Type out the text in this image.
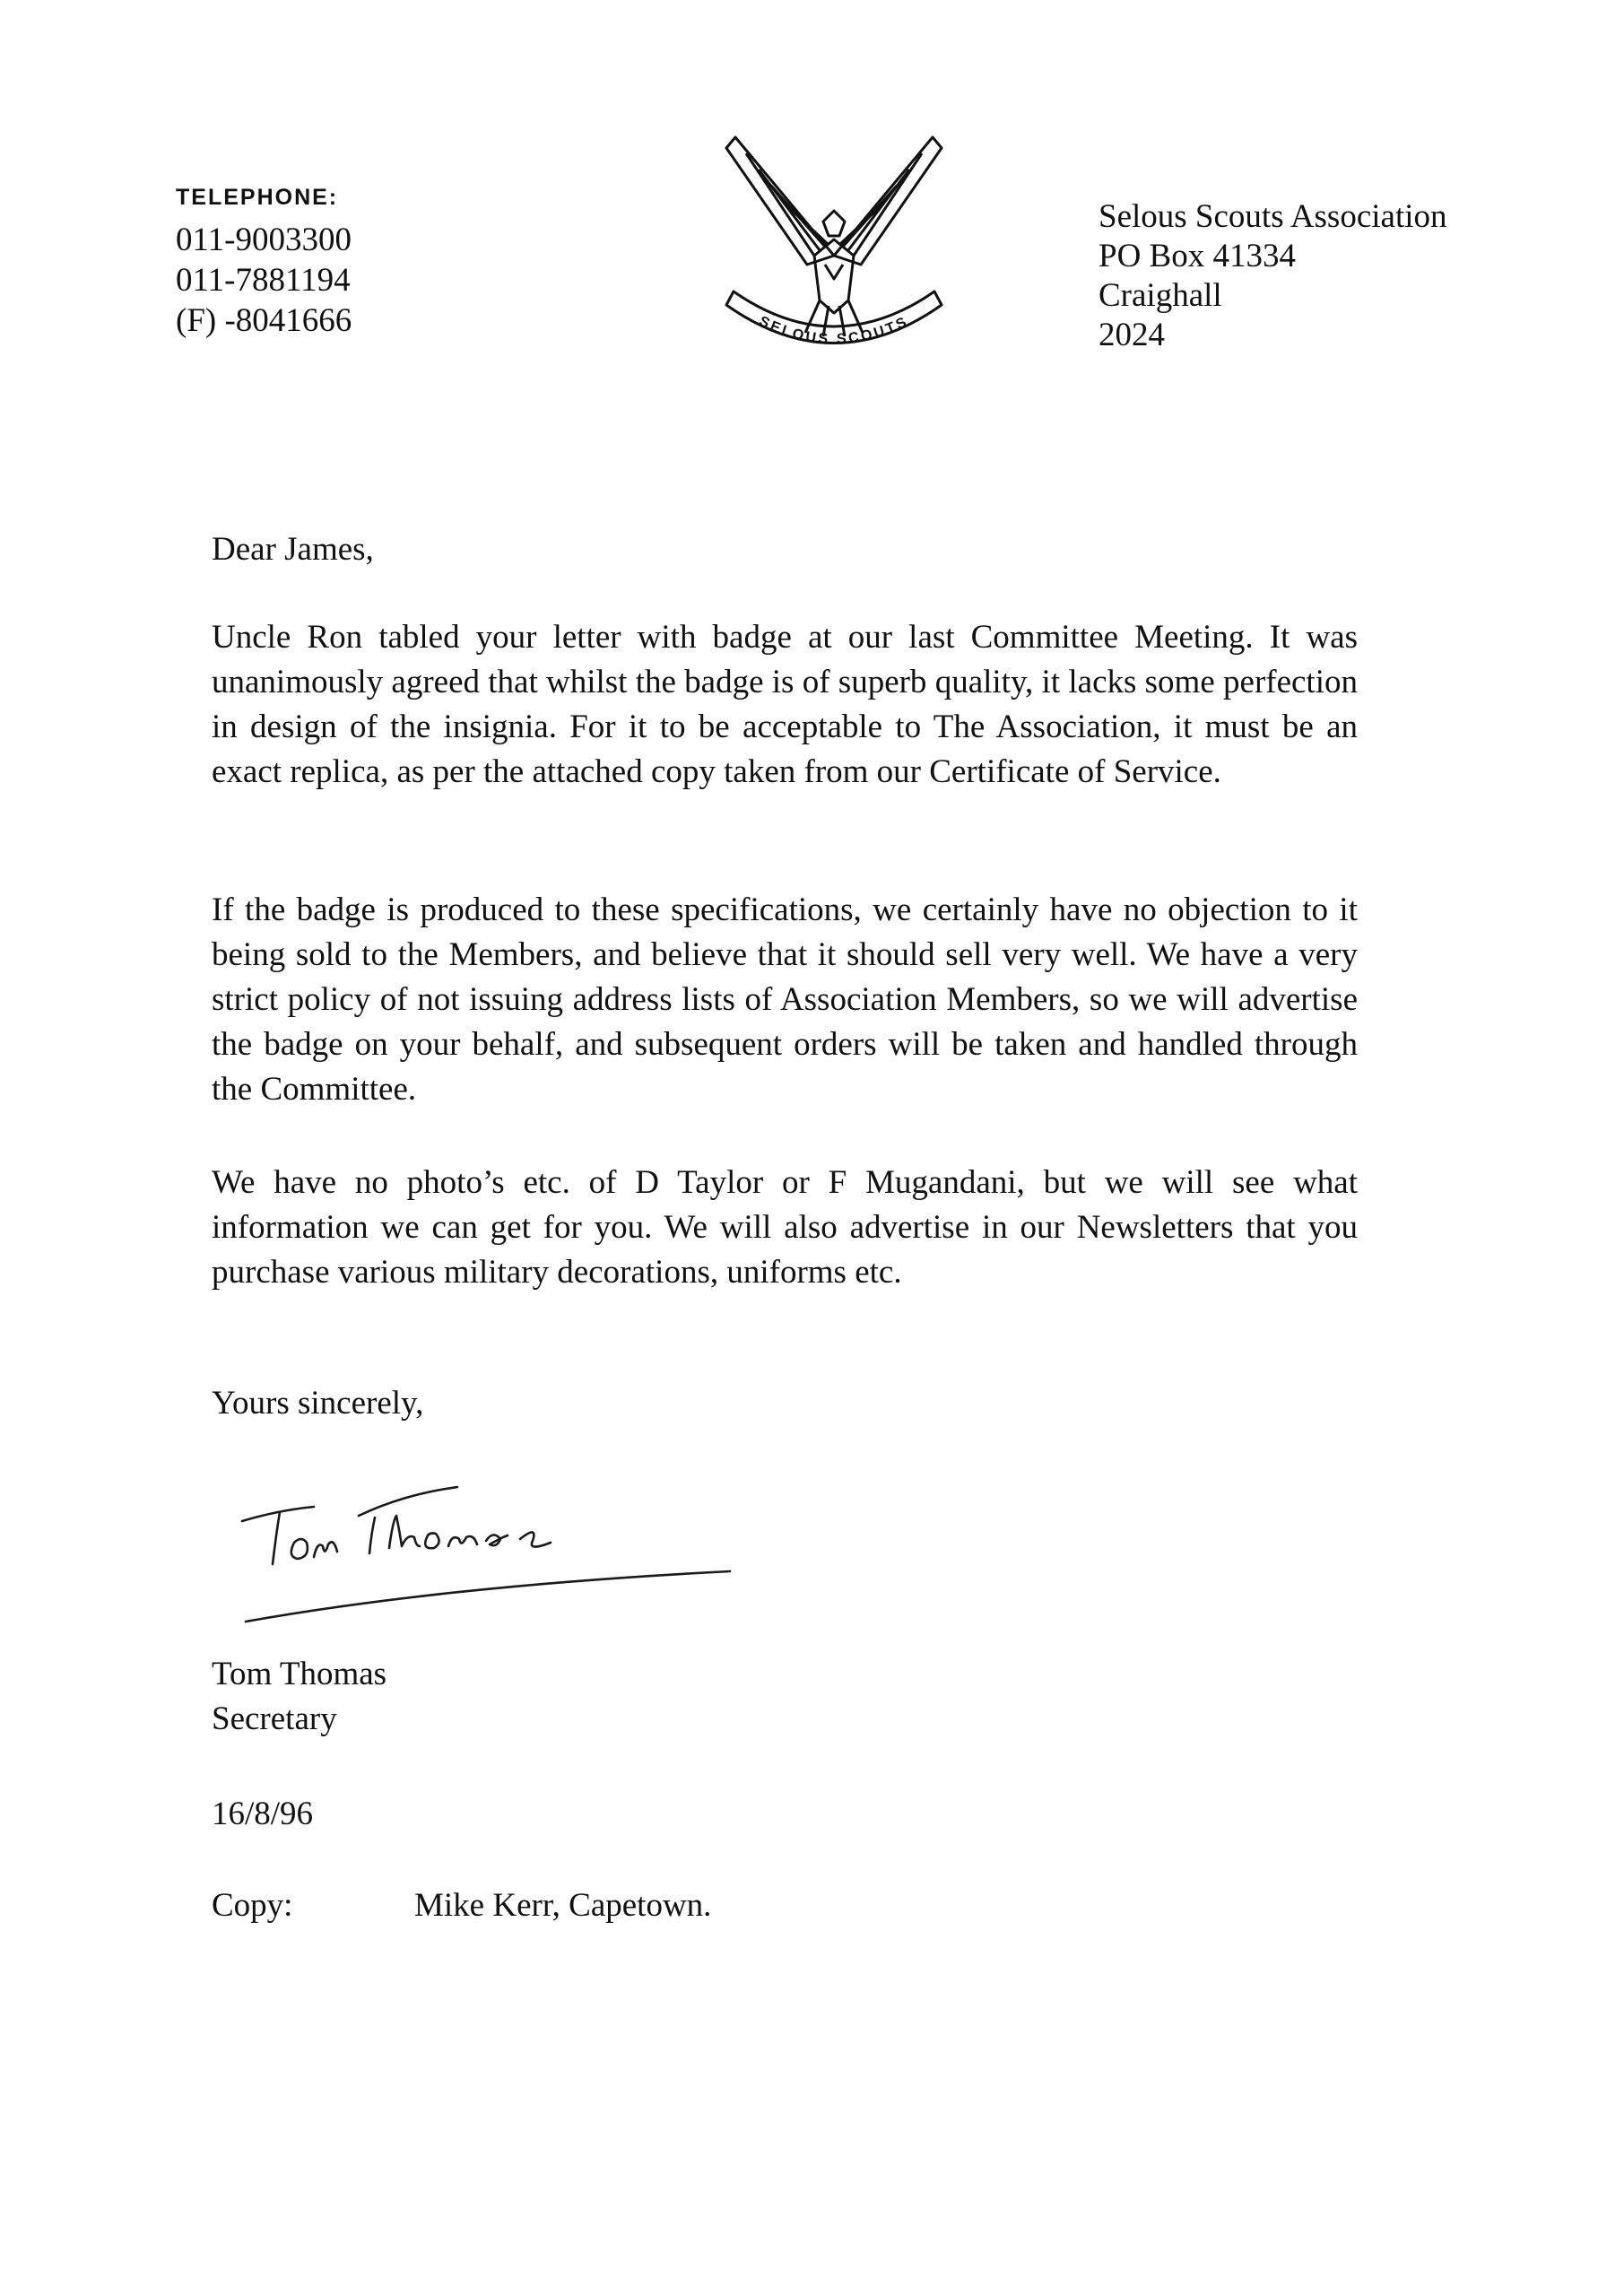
TELEPHONE:
011-9003300
011-7881194
(F) -8041666	SELOUS SCOUTS
Selous Scouts Association
PO Box 41334
Craighall
2024
Dear James,

Uncle Ron tabled your letter with badge at our last Committee Meeting. It was unanimously agreed that whilst the badge is of superb quality, it lacks some perfection in design of the insignia. For it to be acceptable to The Association, it must be an exact replica, as per the attached copy taken from our Certificate of Service.

If the badge is produced to these specifications, we certainly have no objection to it being sold to the Members, and believe that it should sell very well. We have a very strict policy of not issuing address lists of Association Members, so we will advertise the badge on your behalf, and subsequent orders will be taken and handled through the Committee.

We have no photo’s etc. of D Taylor or F Mugandani, but we will see what information we can get for you. We will also advertise in our Newsletters that you purchase various military decorations, uniforms etc.

Yours sincerely,
Tom Thomas
Secretary
16/8/96
Copy:	Mike Kerr, Capetown.
